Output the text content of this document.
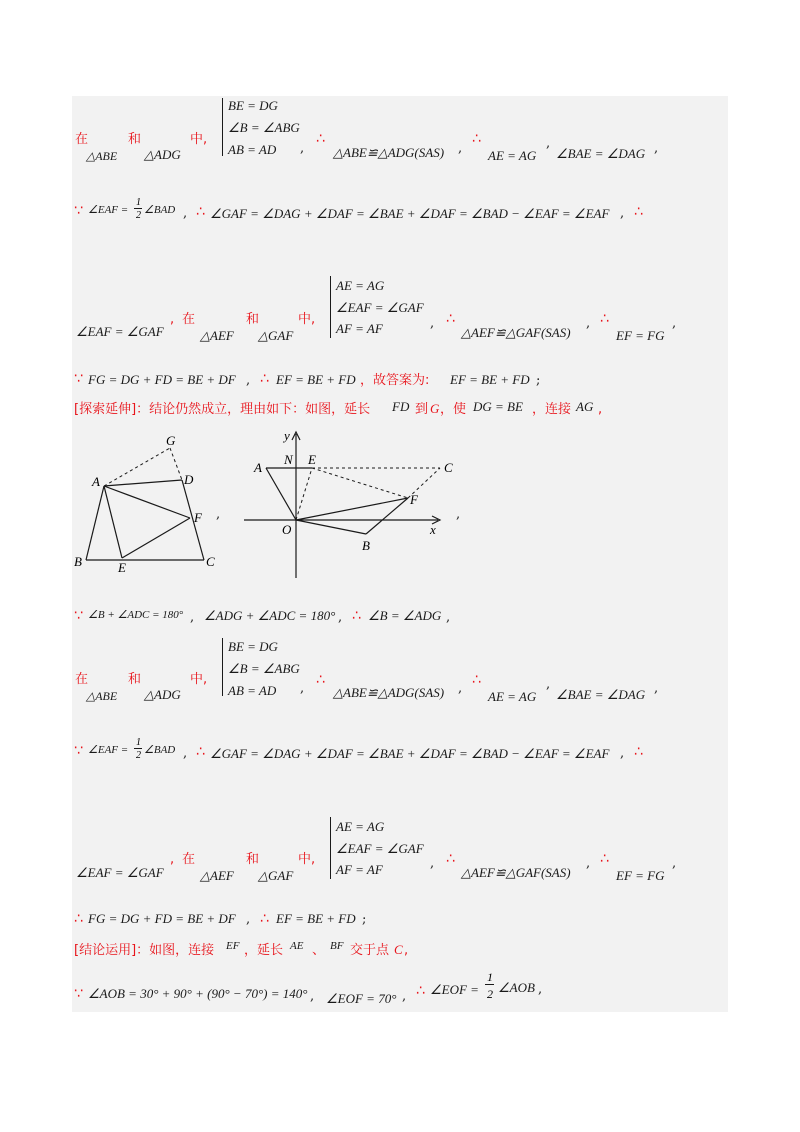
在
△ABE
和
△ADG
中,
BE = DG
∠B = ∠ABG
AB = AD ,
∴
△ABE≌△ADG(SAS) ,
∴
AE = AG
,
∠BAE = ∠DAG ,
∵ ∠EAF =
1
2 ∠BAD , ∴ ∠GAF = ∠DAG + ∠DAF = ∠BAE + ∠DAF = ∠BAD − ∠EAF = ∠EAF , ∴
∠EAF = ∠GAF
, 在
△AEF
和
△GAF
中,
AE = AG
∠EAF = ∠GAF
AF = AF	, ∴
△AEF≌△GAF(SAS)
, ∴
EF = FG
,
∵ FG = DG + FD = BE + DF , ∴ EF = BE + FD ，故答案为: EF = BE + FD ;
[探索延伸]：结论仍然成立，理由如下：如图，延长 FD 到 G ，使 DG = BE ，连接 AG ,
G
A	D
F
B	E	C
,
y
A
N E
C
F
O	x
B
,
∵ ∠B + ∠ADC = 180° , ∠ADG + ∠ADC = 180° , ∴ ∠B = ∠ADG ,
在
△ABE
和
△ADG
中,
BE = DG
∠B = ∠ABG
AB = AD ,
∴
△ABE≌△ADG(SAS) ,
∴
AE = AG
,
∠BAE = ∠DAG ,
∵ ∠EAF =
1
2 ∠BAD , ∴ ∠GAF = ∠DAG + ∠DAF = ∠BAE + ∠DAF = ∠BAD − ∠EAF = ∠EAF , ∴
∠EAF = ∠GAF
, 在
△AEF
和
△GAF
中,
AE = AG
∠EAF = ∠GAF
AF = AF	, ∴
△AEF≌△GAF(SAS)
, ∴
EF = FG
,
∴ FG = DG + FD = BE + DF , ∴ EF = BE + FD ;
[结论运用]：如图，连接 EF ，延长 AE 、 BF 交于点 C ,
∵ ∠AOB = 30° + 90° + (90° − 70°) = 140° , ∠EOF = 70° , ∴ ∠EOF =
1
2 ∠AOB ,
